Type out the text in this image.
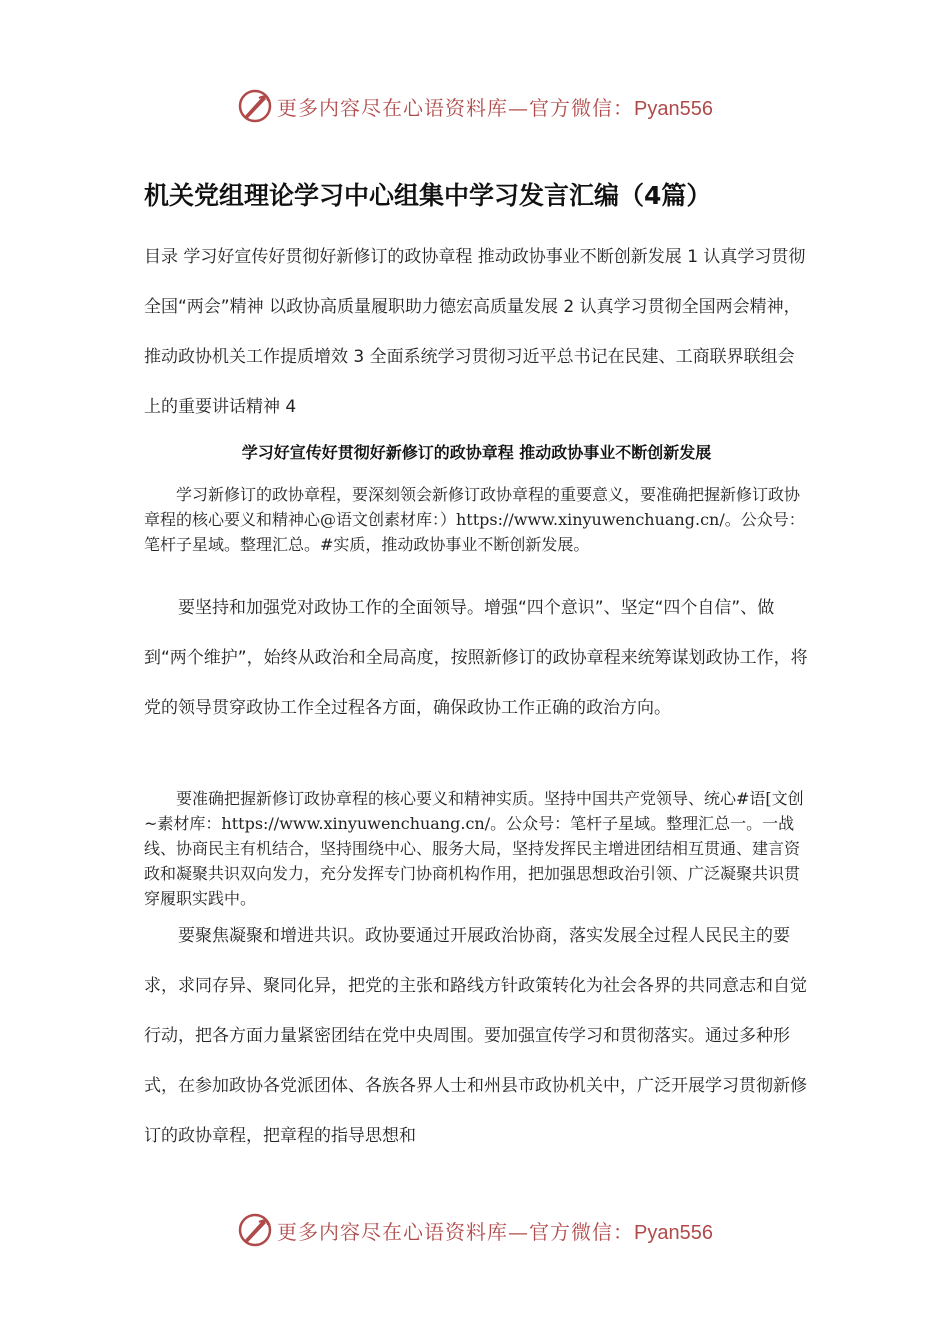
更多内容尽在心语资料库—官方微信：Pyan556
机关党组理论学习中心组集中学习发言汇编（4篇）
目录 学习好宣传好贯彻好新修订的政协章程 推动政协事业不断创新发展 1 认真学习贯彻全国“两会”精神 以政协高质量履职助力德宏高质量发展 2 认真学习贯彻全国两会精神，推动政协机关工作提质增效 3 全面系统学习贯彻习近平总书记在民建、工商联界联组会上的重要讲话精神 4
学习好宣传好贯彻好新修订的政协章程 推动政协事业不断创新发展

学习新修订的政协章程，要深刻领会新修订政协章程的重要意义，要准确把握新修订政协章程的核心要义和精神心@语文创素材库：）https://www.xinyuwenchuang.cn/。公众号：笔杆子星域。整理汇总。#实质，推动政协事业不断创新发展。

要坚持和加强党对政协工作的全面领导。增强“四个意识”、坚定“四个自信”、做到“两个维护”，始终从政治和全局高度，按照新修订的政协章程来统筹谋划政协工作，将党的领导贯穿政协工作全过程各方面，确保政协工作正确的政治方向。

要准确把握新修订政协章程的核心要义和精神实质。坚持中国共产党领导、统心#语[文创~素材库：https://www.xinyuwenchuang.cn/。公众号：笔杆子星域。整理汇总一。一战线、协商民主有机结合，坚持围绕中心、服务大局，坚持发挥民主增进团结相互贯通、建言资政和凝聚共识双向发力，充分发挥专门协商机构作用，把加强思想政治引领、广泛凝聚共识贯穿履职实践中。

要聚焦凝聚和增进共识。政协要通过开展政治协商，落实发展全过程人民民主的要求，求同存异、聚同化异，把党的主张和路线方针政策转化为社会各界的共同意志和自觉行动，把各方面力量紧密团结在党中央周围。要加强宣传学习和贯彻落实。通过多种形式，在参加政协各党派团体、各族各界人士和州县市政协机关中，广泛开展学习贯彻新修订的政协章程，把章程的指导思想和
更多内容尽在心语资料库—官方微信：Pyan556
